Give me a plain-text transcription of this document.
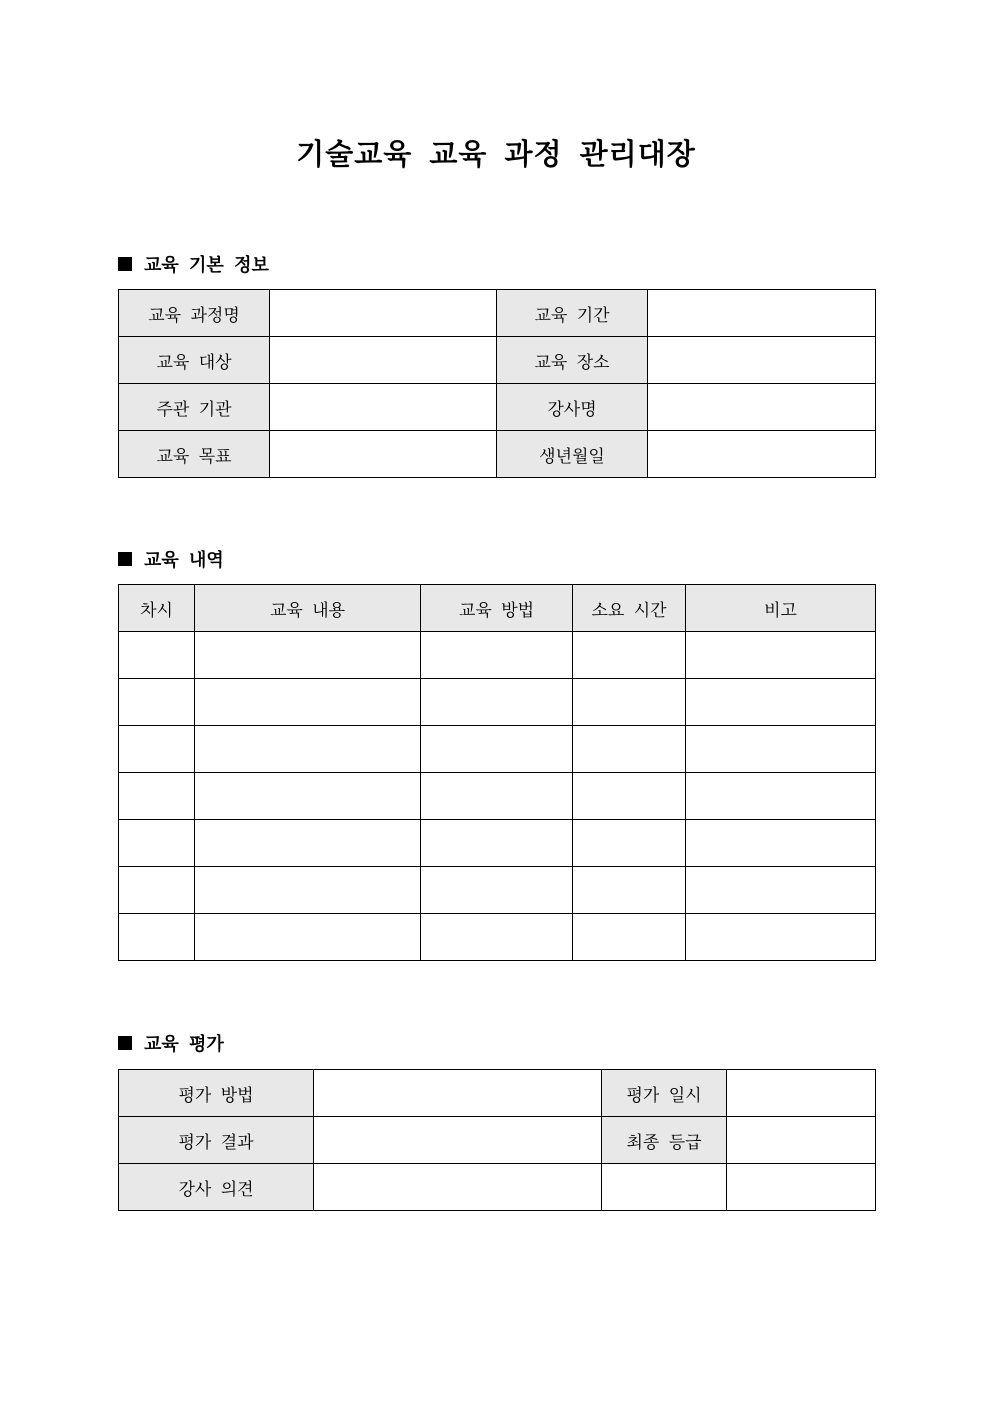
기술교육 교육 과정 관리대장
교육 기본 정보
교육 과정명		교육 기간	
교육 대상		교육 장소	
주관 기관		강사명	
교육 목표		생년월일	
교육 내역
차시	교육 내용	교육 방법	소요 시간	비고

교육 평가
평가 방법		평가 일시	
평가 결과		최종 등급	
강사 의견			
